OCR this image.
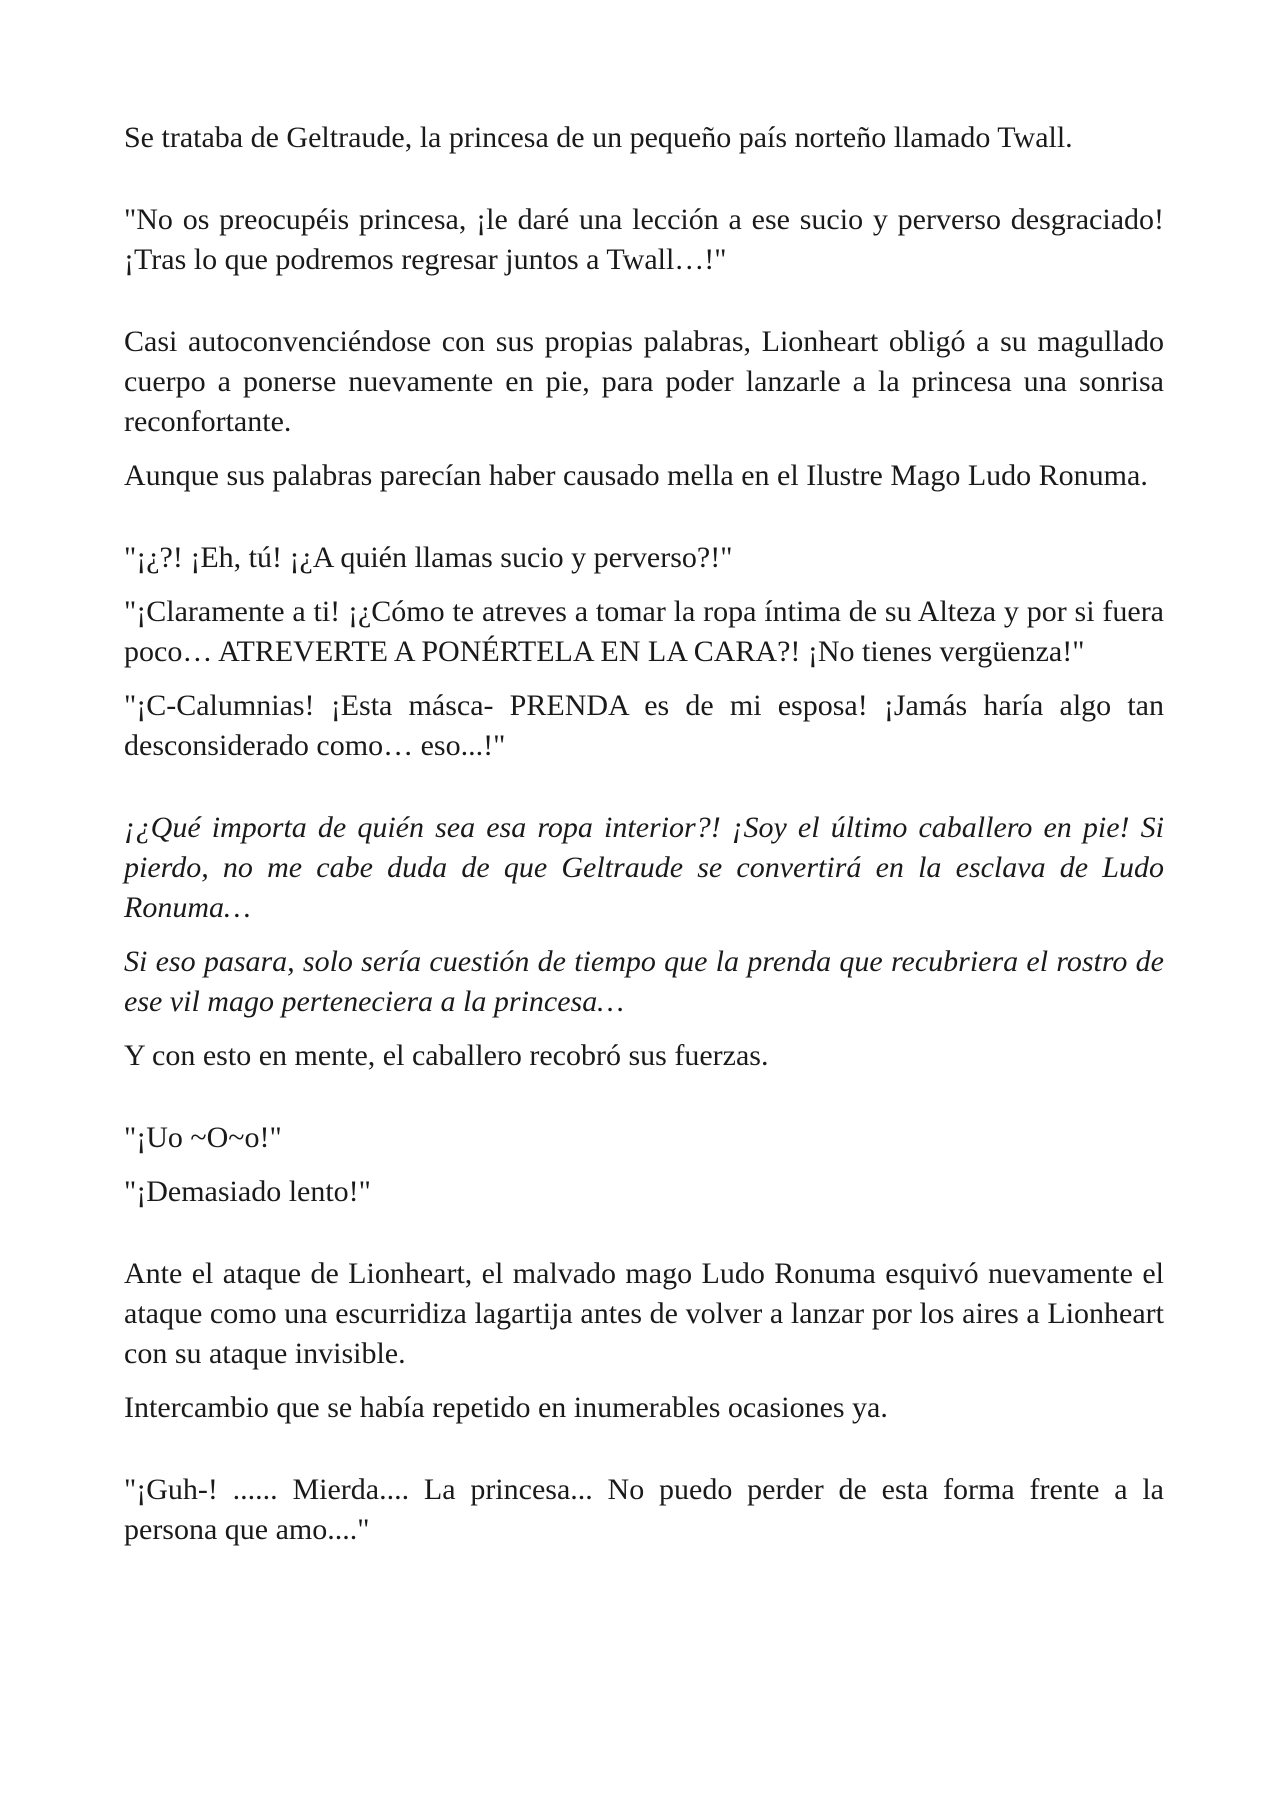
Se trataba de Geltraude, la princesa de un pequeño país norteño llamado Twall.

"No os preocupéis princesa, ¡le daré una lección a ese sucio y perverso desgraciado! ¡Tras lo que podremos regresar juntos a Twall…!"

Casi autoconvenciéndose con sus propias palabras, Lionheart obligó a su magullado cuerpo a ponerse nuevamente en pie, para poder lanzarle a la princesa una sonrisa reconfortante.

Aunque sus palabras parecían haber causado mella en el Ilustre Mago Ludo Ronuma.

"¡¿?! ¡Eh, tú! ¡¿A quién llamas sucio y perverso?!"

"¡Claramente a ti! ¡¿Cómo te atreves a tomar la ropa íntima de su Alteza y por si fuera poco… ATREVERTE A PONÉRTELA EN LA CARA?! ¡No tienes vergüenza!"

"¡C-Calumnias! ¡Esta másca- PRENDA es de mi esposa! ¡Jamás haría algo tan desconsiderado como… eso...!"

¡¿Qué importa de quién sea esa ropa interior?! ¡Soy el último caballero en pie! Si pierdo, no me cabe duda de que Geltraude se convertirá en la esclava de Ludo Ronuma…

Si eso pasara, solo sería cuestión de tiempo que la prenda que recubriera el rostro de ese vil mago perteneciera a la princesa…

Y con esto en mente, el caballero recobró sus fuerzas.

"¡Uo ~O~o!"

"¡Demasiado lento!"

Ante el ataque de Lionheart, el malvado mago Ludo Ronuma esquivó nuevamente el ataque como una escurridiza lagartija antes de volver a lanzar por los aires a Lionheart con su ataque invisible.

Intercambio que se había repetido en inumerables ocasiones ya.

"¡Guh-! ...... Mierda.... La princesa... No puedo perder de esta forma frente a la persona que amo...."
